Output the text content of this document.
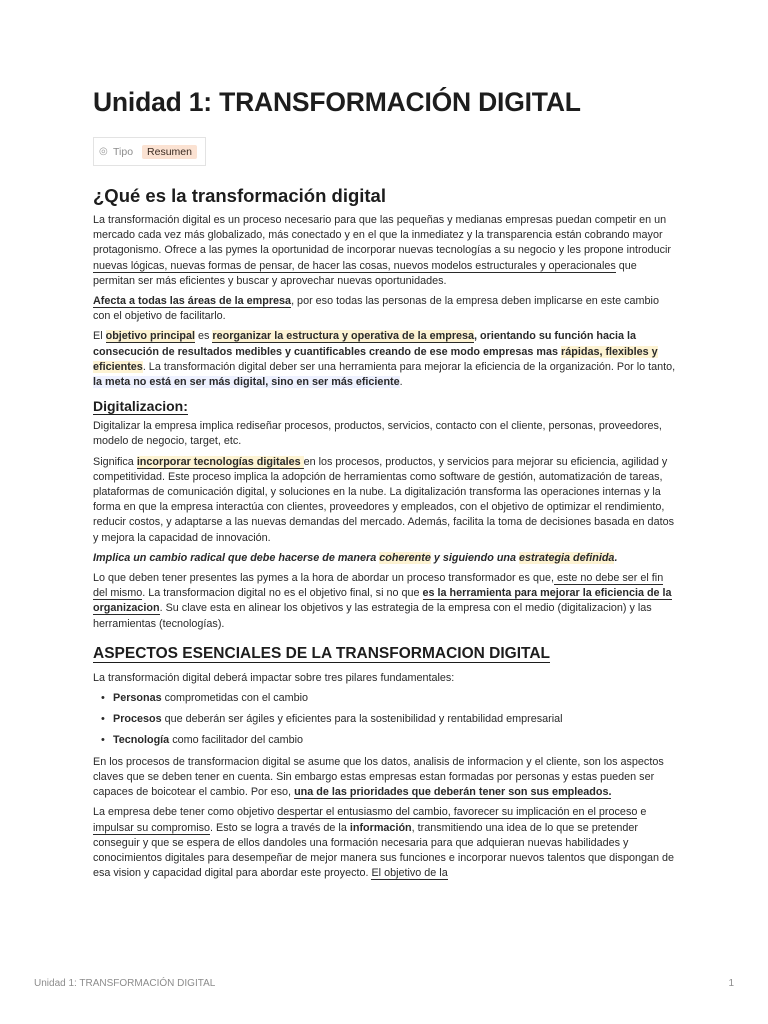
Unidad 1: TRANSFORMACIÓN DIGITAL
◎ Tipo	Resumen
¿Qué es la transformación digital

La transformación digital es un proceso necesario para que las pequeñas y medianas empresas puedan competir en un mercado cada vez más globalizado, más conectado y en el que la inmediatez y la transparencia están cobrando mayor protagonismo. Ofrece a las pymes la oportunidad de incorporar nuevas tecnologías a su negocio y les propone introducir nuevas lógicas, nuevas formas de pensar, de hacer las cosas, nuevos modelos estructurales y operacionales que permitan ser más eficientes y buscar y aprovechar nuevas oportunidades.

Afecta a todas las áreas de la empresa, por eso todas las personas de la empresa deben implicarse en este cambio con el objetivo de facilitarlo.

El objetivo principal es reorganizar la estructura y operativa de la empresa, orientando su función hacia la consecución de resultados medibles y cuantificables creando de ese modo empresas mas rápidas, flexibles y eficientes. La transformación digital deber ser una herramienta para mejorar la eficiencia de la organización. Por lo tanto, la meta no está en ser más digital, sino en ser más eficiente.

Digitalizacion:

Digitalizar la empresa implica rediseñar procesos, productos, servicios, contacto con el cliente, personas, proveedores, modelo de negocio, target, etc.

Significa incorporar tecnologías digitales en los procesos, productos, y servicios para mejorar su eficiencia, agilidad y competitividad. Este proceso implica la adopción de herramientas como software de gestión, automatización de tareas, plataformas de comunicación digital, y soluciones en la nube. La digitalización transforma las operaciones internas y la forma en que la empresa interactúa con clientes, proveedores y empleados, con el objetivo de optimizar el rendimiento, reducir costos, y adaptarse a las nuevas demandas del mercado. Además, facilita la toma de decisiones basada en datos y mejora la capacidad de innovación.

Implica un cambio radical que debe hacerse de manera coherente y siguiendo una estrategia definida.

Lo que deben tener presentes las pymes a la hora de abordar un proceso transformador es que, este no debe ser el fin del mismo. La transformacion digital no es el objetivo final, si no que es la herramienta para mejorar la eficiencia de la organizacion. Su clave esta en alinear los objetivos y las estrategia de la empresa con el medio (digitalizacion) y las herramientas (tecnologías).

ASPECTOS ESENCIALES DE LA TRANSFORMACION DIGITAL

La transformación digital deberá impactar sobre tres pilares fundamentales:

• Personas comprometidas con el cambio
• Procesos que deberán ser ágiles y eficientes para la sostenibilidad y rentabilidad empresarial
• Tecnología como facilitador del cambio

En los procesos de transformacion digital se asume que los datos, analisis de informacion y el cliente, son los aspectos claves que se deben tener en cuenta. Sin embargo estas empresas estan formadas por personas y estas pueden ser capaces de boicotear el cambio. Por eso, una de las prioridades que deberán tener son sus empleados.

La empresa debe tener como objetivo despertar el entusiasmo del cambio, favorecer su implicación en el proceso e impulsar su compromiso. Esto se logra a través de la información, transmitiendo una idea de lo que se pretender conseguir y que se espera de ellos dandoles una formación necesaria para que adquieran nuevas habilidades y conocimientos digitales para desempeñar de mejor manera sus funciones e incorporar nuevos talentos que dispongan de esa vision y capacidad digital para abordar este proyecto. El objetivo de la

Unidad 1: TRANSFORMACIÓN DIGITAL	1
